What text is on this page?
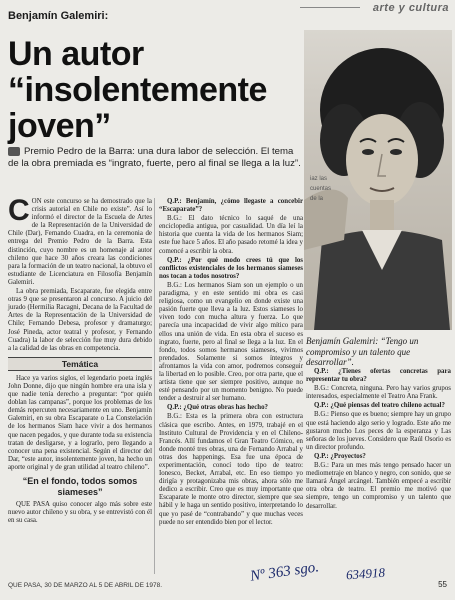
arte y cultura
Benjamín Galemiri:
Un autor “insolentemente joven”
Premio Pedro de la Barra: una dura labor de selección. El tema de la obra premiada es “ingrato, fuerte, pero al final se llega a la luz”.
iaz las
cuentas
de la
Benjamín Galemiri: “Tengo un compromiso y un talento que desarrollar”.

CON este concurso se ha demostrado que la crisis autorial en Chile no existe”. Así lo informó el director de la Escuela de Artes de la Representación de la Universidad de Chile (Dar), Fernando Cuadra, en la ceremonia de entrega del Premio Pedro de la Barra. Esta distinción, cuyo nombre es un homenaje al autor chileno que hace 30 años creara las condiciones para la formación de un teatro nacional, la obtuvo el estudiante de Licenciatura en Filosofía Benjamín Galemiri.

La obra premiada, Escaparate, fue elegida entre otras 9 que se presentaron al concurso. A juicio del jurado (Hermilia Racagni, Decana de la Facultad de Artes de la Representación de la Universidad de Chile; Fernando Debesa, profesor y dramaturgo; José Pineda, actor teatral y profesor, y Fernando Cuadra) la labor de selección fue muy dura debido a la calidad de las obras en competencia.

Temática

Hace ya varios siglos, el legendario poeta inglés John Donne, dijo que ningún hombre era una isla y que nadie tenía derecho a preguntar: “por quién doblan las campanas”, porque los problemas de los demás repercuten necesariamente en uno. Benjamín Galemiri, en su obra Escaparate o La Constelación de los hermanos Siam hace vivir a dos hermanos que nacen pegados, y que durante toda su existencia tratan de desligarse, y a lograrlo, pero llegando a conocer una pena existencial. Según el director del Dar, “este autor, insolentemente joven, ha hecho un aporte original y de gran utilidad al teatro chileno”.

“En el fondo, todos somos siameses”

QUE PASA quiso conocer algo más sobre este nuevo autor chileno y su obra, y se entrevistó con él en su casa.

Q.P.: Benjamín, ¿cómo llegaste a concebir “Escaparate”?

B.G.: El dato técnico lo saqué de una enciclopedia antigua, por casualidad. Un día leí la historia que cuenta la vida de los hermanos Siam; este fue hace 5 años. El año pasado retomé la idea y comencé a escribir la obra.

Q.P.: ¿Por qué modo crees tú que los conflictos existenciales de los hermanos siameses nos tocan a todos nosotros?

B.G.: Los hermanos Siam son un ejemplo o un paradigma, y en este sentido mi obra es casi religiosa, como un evangelio en donde existe una pasión fuerte que lleva a la luz. Estos siameses lo viven todo con mucha altura y fuerza. Lo que parecía una incapacidad de vivir algo mítico para ellos una unión de vida. En esta obra el suceso es ingrato, fuerte, pero al final se llega a la luz. En el fondo, todos somos hermanos siameses, vivimos prendados. Solamente si somos íntegros y afrontamos la vida con amor, podremos conseguir la libertad en lo posible. Creo, por otra parte, que el artista tiene que ser siempre positivo, aunque no esté pensando por un momento benigno. No puede tender a destruir al ser humano.

Q.P.: ¿Qué otras obras has hecho?

B.G.: Esta es la primera obra con estructura clásica que escribo. Antes, en 1979, trabajé en el Instituto Cultural de Providencia y en el Chileno-Francés. Allí fundamos el Gran Teatro Cómico, en donde monté tres obras, una de Fernando Arrabal y otras dos happenings. Esa fue una época de experimentación, conocí todo tipo de teatro: Ionesco, Becket, Arrabal, etc. En eso tiempo yo dirigía y protagonizaba mis obras, ahora sólo me dedico a escribir. Creo que es muy importante que Escaparate le monte otro director, siempre que sea hábil y le haga un sentido positivo, interpretando lo que yo pasé de “contrabando” y que muchas veces puede no ser entendido bien por el lector.

Q.P.: ¿Tienes ofertas concretas para representar tu obra?

B.G.: Concreta, ninguna. Pero hay varios grupos interesados, especialmente el Teatro Ana Frank.

Q.P.: ¿Qué piensas del teatro chileno actual?

B.G.: Pienso que es bueno; siempre hay un grupo que está haciendo algo serio y logrado. Este año me gustaron mucho Los peces de la esperanza y Las señoras de los jueves. Considero que Raúl Osorio es un director profundo.

Q.P.: ¿Proyectos?

B.G.: Para un mes más tengo pensado hacer un mediometraje en blanco y negro, con sonido, que se llamará Ángel arcángel. También empecé a escribir otra obra de teatro. El premio me motivó que siempre, tengo un compromiso y un talento que desarrollar.

QUE PASA, 30 DE MARZO AL 5 DE ABRIL DE 1978.
Nº 363 sgo. 634918
55
